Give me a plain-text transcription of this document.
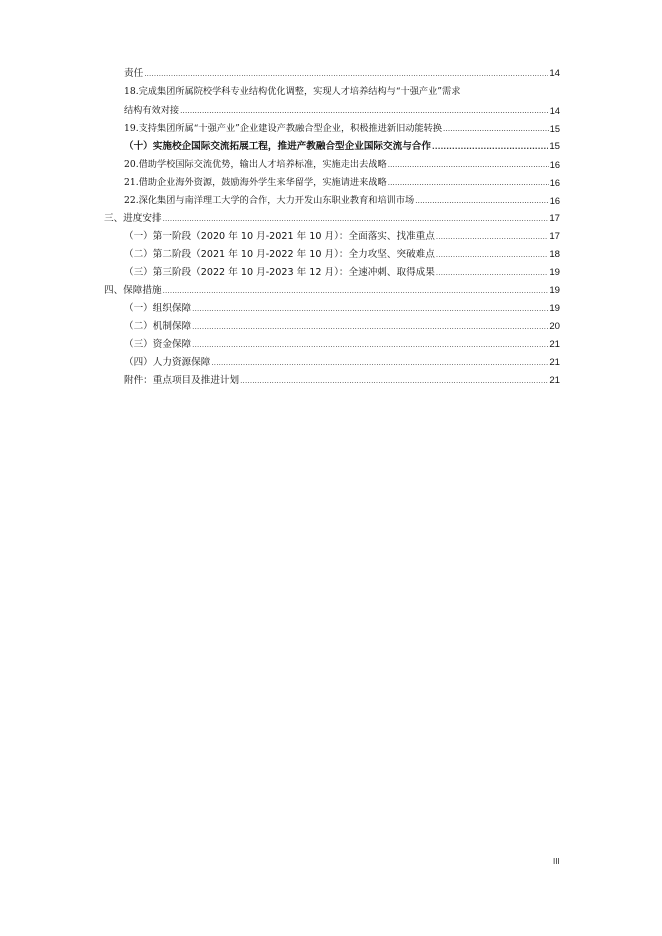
责任 .....	14
18.完成集团所属院校学科专业结构优化调整，实现人才培养结构与“十强产业”需求
结构有效对接 .....	14
19.支持集团所属“十强产业”企业建设产教融合型企业，积极推进新旧动能转换 .....	15
（十）实施校企国际交流拓展工程，推进产教融合型企业国际交流与合作 .....	15
20.借助学校国际交流优势，输出人才培养标准，实施走出去战略 .....	16
21.借助企业海外资源，鼓励海外学生来华留学，实施请进来战略 .....	16
22.深化集团与南洋理工大学的合作，大力开发山东职业教育和培训市场 .....	16
三、进度安排 .....	17
（一）第一阶段（2020 年 10 月-2021 年 10 月）：全面落实、找准重点 .....	17
（二）第二阶段（2021 年 10 月-2022 年 10 月）：全力攻坚、突破难点 .....	18
（三）第三阶段（2022 年 10 月-2023 年 12 月）：全速冲刺、取得成果 .....	19
四、保障措施 .....	19
（一）组织保障 .....	19
（二）机制保障 .....	20
（三）资金保障 .....	21
（四）人力资源保障 .....	21
附件：重点项目及推进计划 .....	21
III
